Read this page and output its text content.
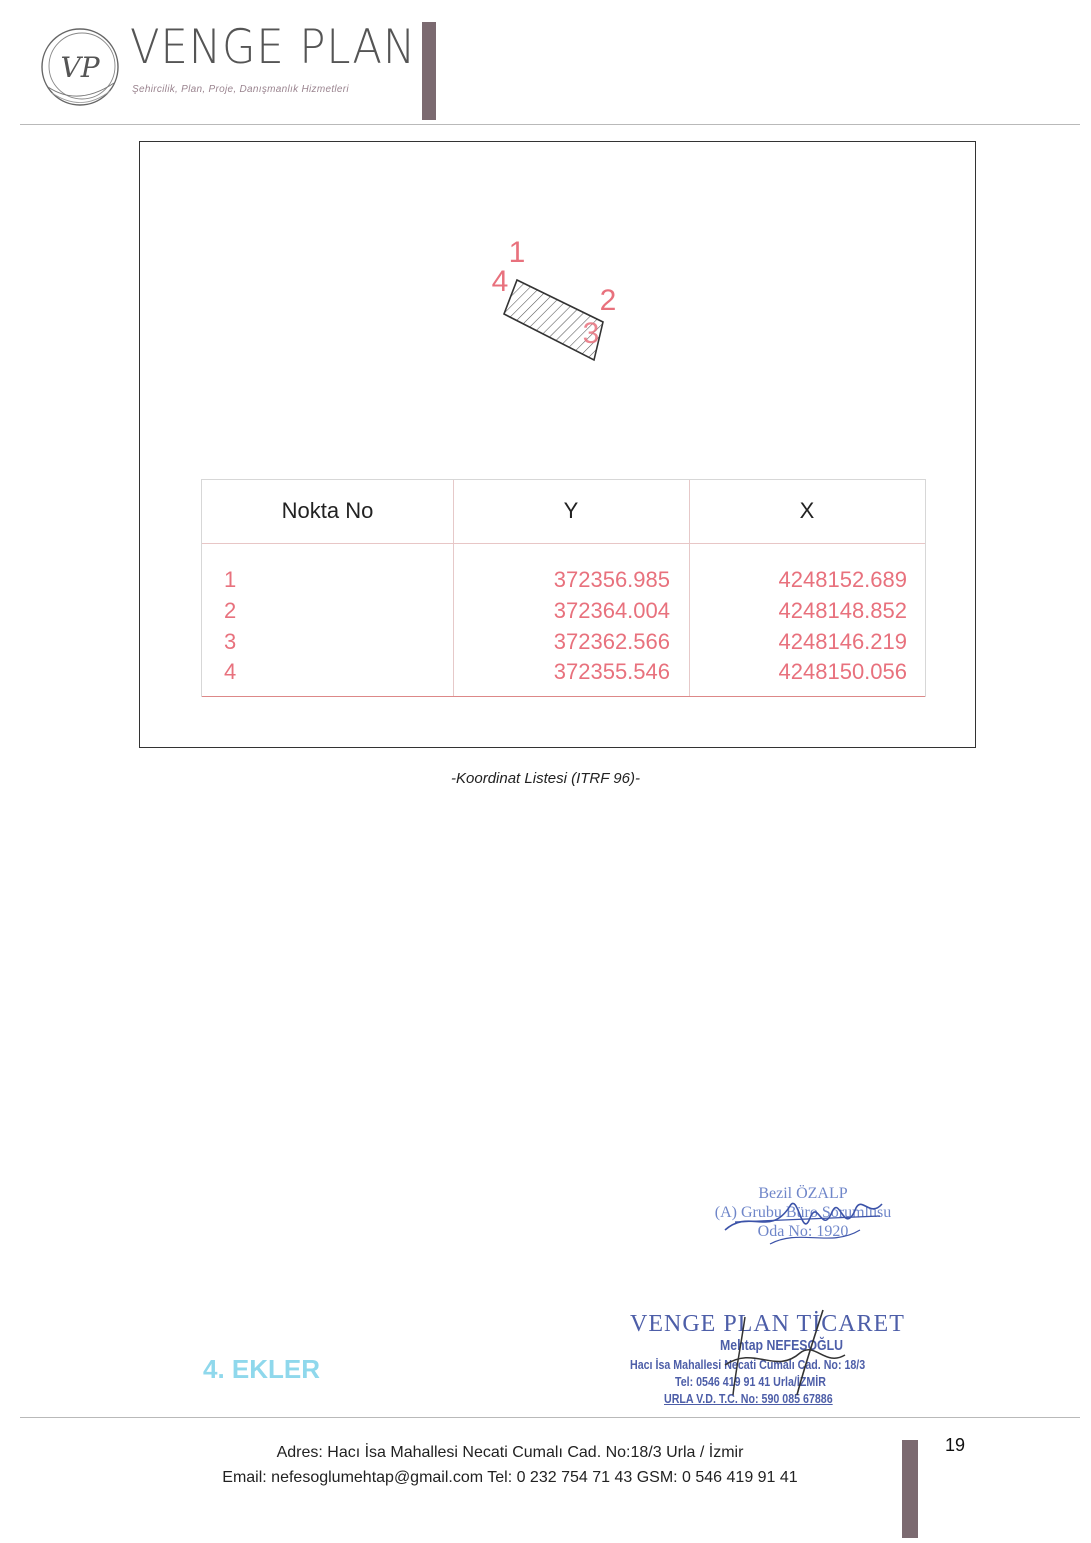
VP VENGE PLAN
Şehircilik, Plan, Proje, Danışmanlık Hizmetleri
1
2
3
4
Nokta No	Y	X
1	372356.985	4248152.689
2	372364.004	4248148.852
3	372362.566	4248146.219
4	372355.546	4248150.056
-Koordinat Listesi (ITRF 96)-
Bezil ÖZALP
(A) Grubu Büro Sorumlusu
Oda No: 1920
VENGE PLAN TİCARET
Mehtap NEFESOĞLU
Hacı İsa Mahallesi Necati Cumalı Cad. No: 18/3
Tel: 0546 419 91 41 Urla/İZMİR
URLA V.D. T.C. No: 590 085 67886
4. EKLER
Adres: Hacı İsa Mahallesi Necati Cumalı Cad. No:18/3 Urla / İzmir
Email: nefesoglumehtap@gmail.com Tel: 0 232 754 71 43 GSM: 0 546 419 91 41
19
